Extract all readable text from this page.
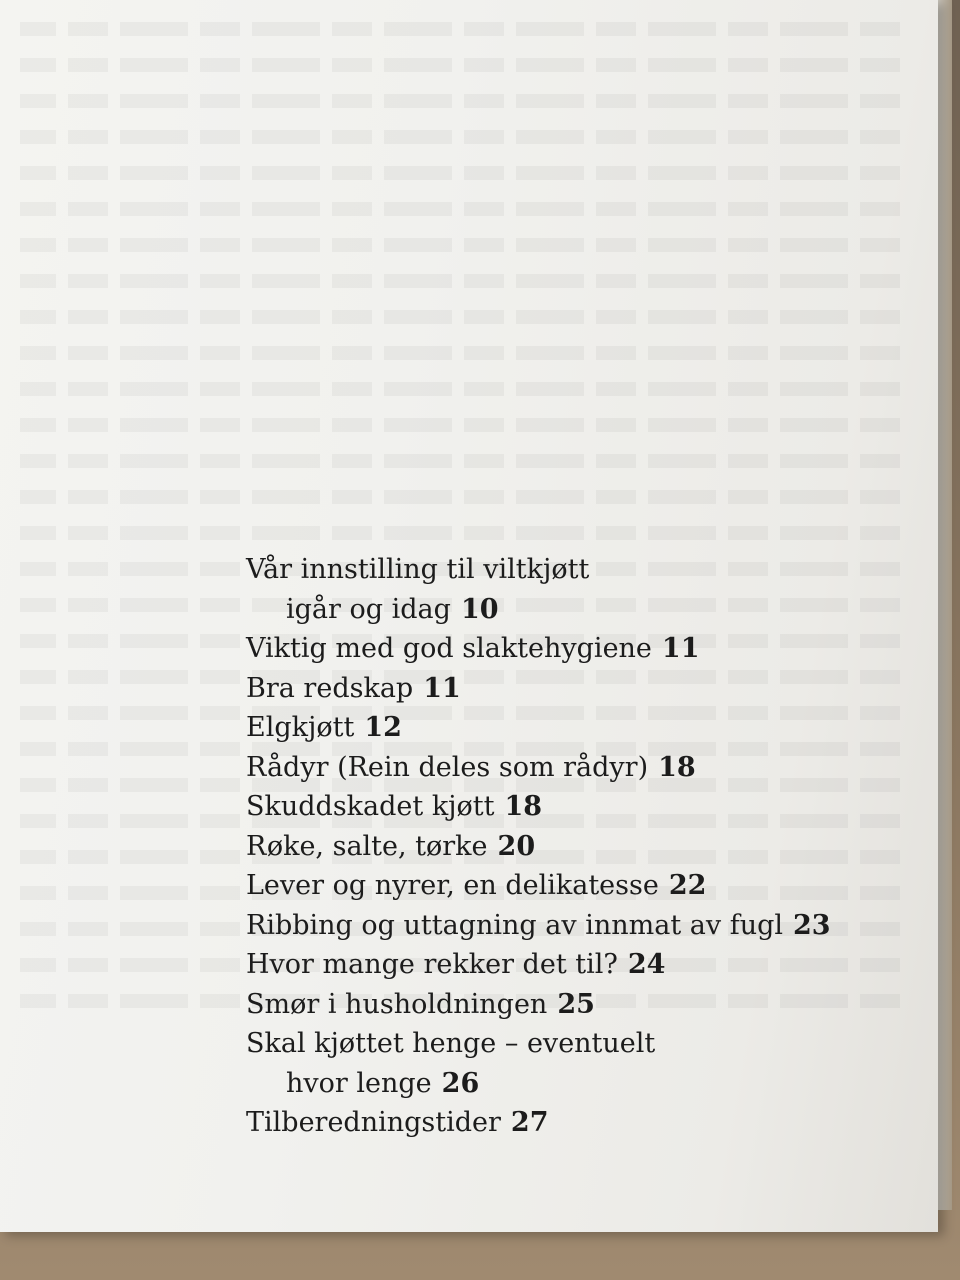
Vår innstilling til viltkjøtt
igår og idag 10
Viktig med god slaktehygiene 11
Bra redskap 11
Elgkjøtt 12
Rådyr (Rein deles som rådyr) 18
Skuddskadet kjøtt 18
Røke, salte, tørke 20
Lever og nyrer, en delikatesse 22
Ribbing og uttagning av innmat av fugl 23
Hvor mange rekker det til? 24
Smør i husholdningen 25
Skal kjøttet henge – eventuelt
hvor lenge 26
Tilberedningstider 27
